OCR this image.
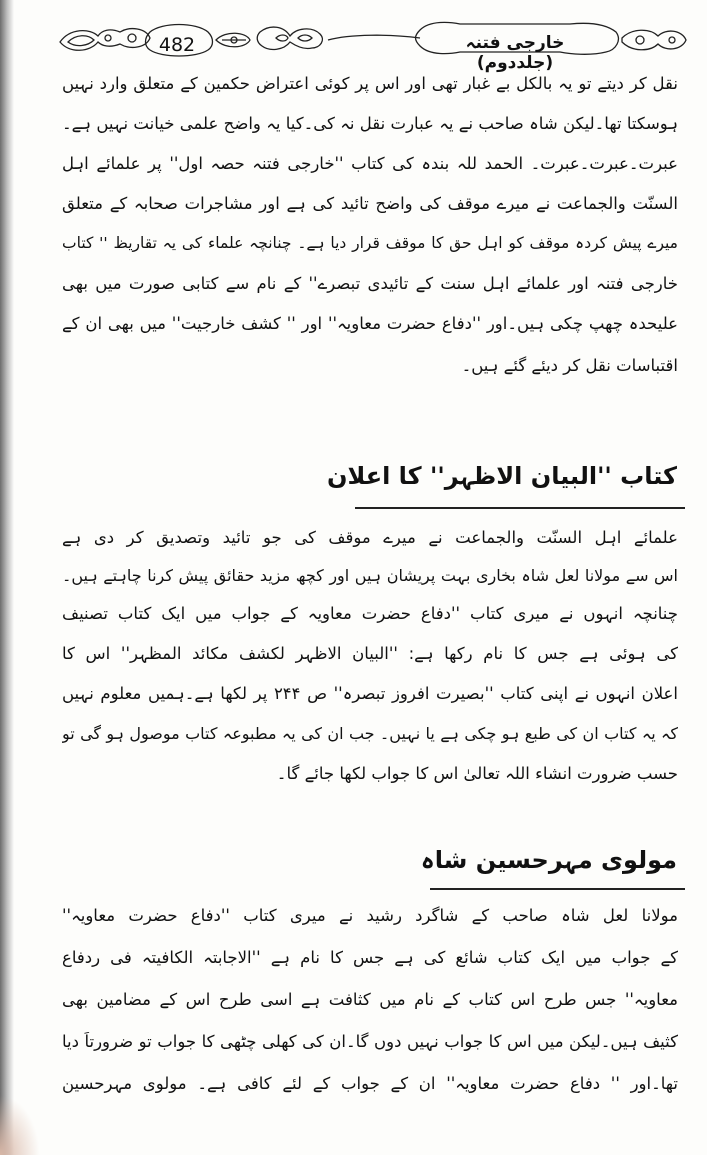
482	خارجی فتنہ (جلددوم)
نقل کر دیتے تو یہ بالکل بے غبار تھی اور اس پر کوئی اعتراض حکمین کے متعلق وارد نہیں
ہوسکتا تھا۔لیکن شاہ صاحب نے یہ عبارت نقل نہ کی۔کیا یہ واضح علمی خیانت نہیں ہے۔
عبرت۔عبرت۔عبرت۔ الحمد للہ بندہ کی کتاب ''خارجی فتنہ حصہ اول'' پر علمائے اہل
السنّت والجماعت نے میرے موقف کی واضح تائید کی ہے اور مشاجرات صحابہ کے متعلق
میرے پیش کردہ موقف کو اہل حق کا موقف قرار دیا ہے۔ چنانچہ علماء کی یہ تقاریظ '' کتاب
خارجی فتنہ اور علمائے اہل سنت کے تائیدی تبصرے'' کے نام سے کتابی صورت میں بھی
علیحدہ چھپ چکی ہیں۔اور ''دفاع حضرت معاویہ'' اور '' کشف خارجیت'' میں بھی ان کے
اقتباسات نقل کر دیئے گئے ہیں۔
کتاب ''البیان الاظہر'' کا اعلان
علمائے اہل السنّت والجماعت نے میرے موقف کی جو تائید وتصدیق کر دی ہے
اس سے مولانا لعل شاہ بخاری بہت پریشان ہیں اور کچھ مزید حقائق پیش کرنا چاہتے ہیں۔
چنانچہ انہوں نے میری کتاب ''دفاع حضرت معاویہ کے جواب میں ایک کتاب تصنیف
کی ہوئی ہے جس کا نام رکھا ہے: ''البیان الاظہر لکشف مکائد المظہر'' اس کا
اعلان انہوں نے اپنی کتاب ''بصیرت افروز تبصرہ'' ص ۲۴۴ پر لکھا ہے۔ہمیں معلوم نہیں
کہ یہ کتاب ان کی طبع ہو چکی ہے یا نہیں۔ جب ان کی یہ مطبوعہ کتاب موصول ہو گی تو
حسب ضرورت انشاء اللہ تعالیٰ اس کا جواب لکھا جائے گا۔
مولوی مہرحسین شاہ
مولانا لعل شاہ صاحب کے شاگرد رشید نے میری کتاب ''دفاع حضرت معاویہ''
کے جواب میں ایک کتاب شائع کی ہے جس کا نام ہے ''الاجابتہ الکافیتہ فی ردفاع
معاویہ'' جس طرح اس کتاب کے نام میں کثافت ہے اسی طرح اس کے مضامین بھی
کثیف ہیں۔لیکن میں اس کا جواب نہیں دوں گا۔ان کی کھلی چٹھی کا جواب تو ضرورتاً دیا
تھا۔اور '' دفاع حضرت معاویہ'' ان کے جواب کے لئے کافی ہے۔ مولوی مہرحسین
